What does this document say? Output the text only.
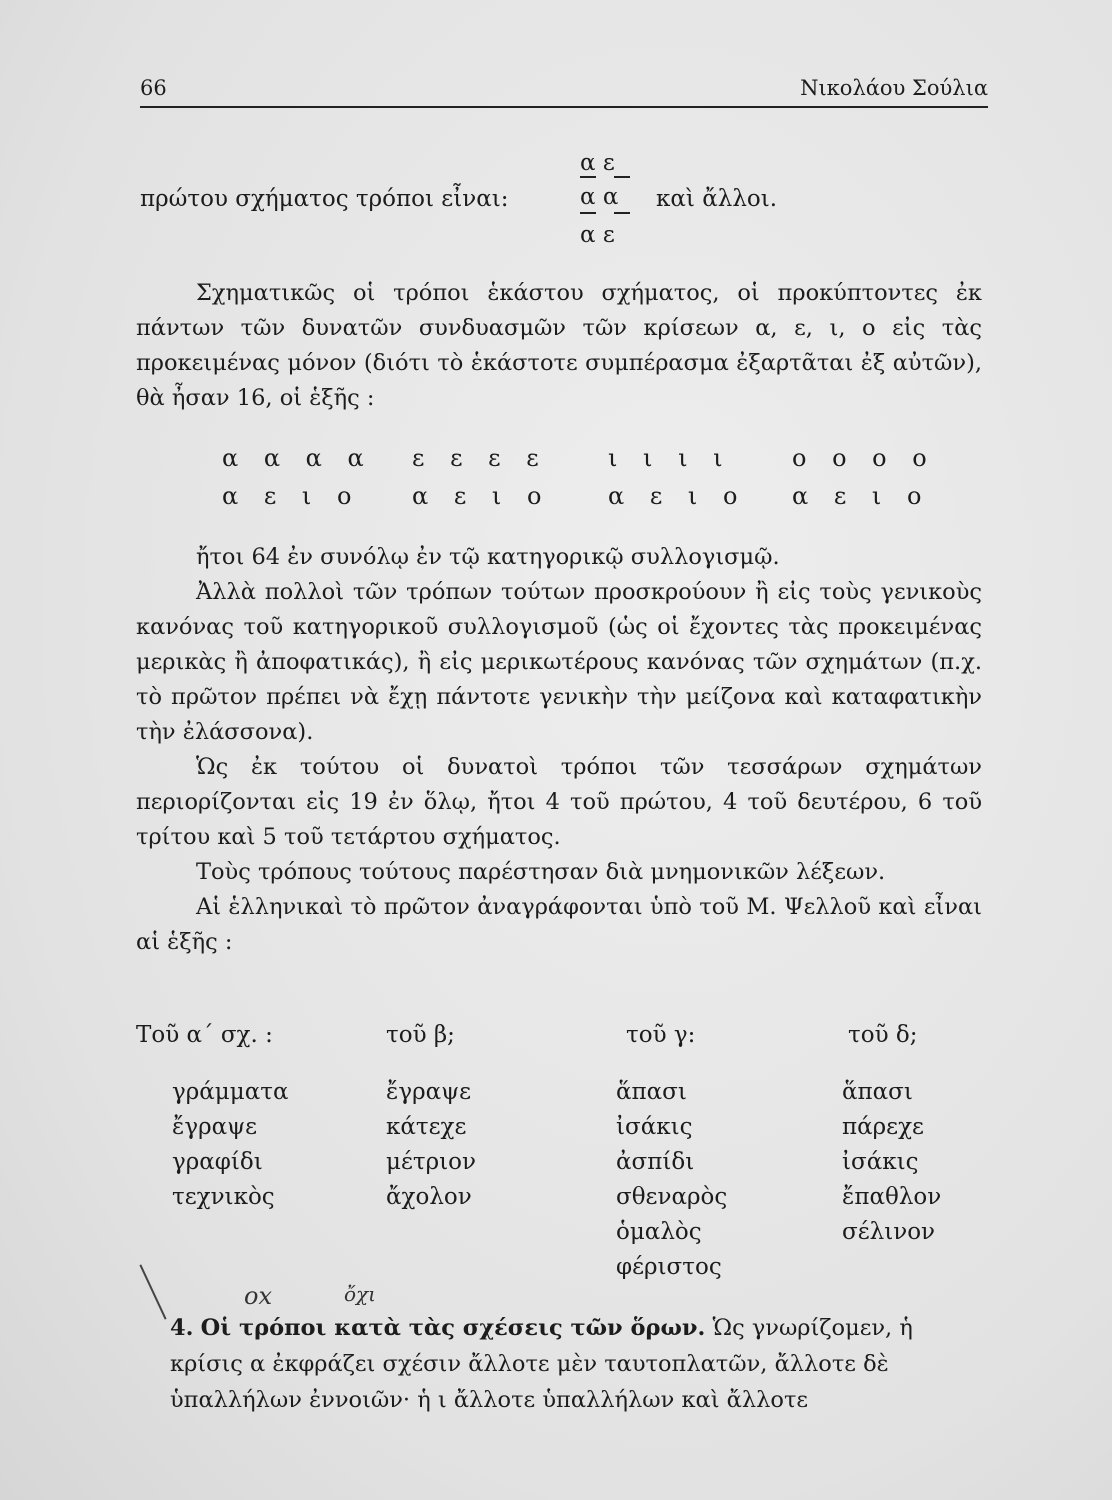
66	Νικολάου Σούλια
πρώτου σχήματος τρόποι εἶναι:
α ε
α α
α ε
καὶ ἄλλοι.

Σχηματικῶς οἱ τρόποι ἑκάστου σχήματος, οἱ προκύπτοντες ἐκ πάντων τῶν δυνατῶν συνδυασμῶν τῶν κρίσεων α, ε, ι, ο εἰς τὰς προκειμένας μόνον (διότι τὸ ἑκάστοτε συμπέρασμα ἐξαρτᾶται ἐξ αὐτῶν), θὰ ἦσαν 16, οἱ ἑξῆς :

α α α α
α ε ι ο
ε ε ε ε
α ε ι ο
ι ι ι ι
α ε ι ο
ο ο ο ο
α ε ι ο

ἤτοι 64 ἐν συνόλῳ ἐν τῷ κατηγορικῷ συλλογισμῷ.

Ἀλλὰ πολλοὶ τῶν τρόπων τούτων προσκρούουν ἢ εἰς τοὺς γενικοὺς κανόνας τοῦ κατηγορικοῦ συλλογισμοῦ (ὡς οἱ ἔχοντες τὰς προκειμένας μερικὰς ἢ ἀποφατικάς), ἢ εἰς μερικωτέρους κανόνας τῶν σχημάτων (π.χ. τὸ πρῶτον πρέπει νὰ ἔχῃ πάντοτε γενικὴν τὴν μείζονα καὶ καταφατικὴν τὴν ἐλάσσονα).

Ὡς ἐκ τούτου οἱ δυνατοὶ τρόποι τῶν τεσσάρων σχημάτων περιορίζονται εἰς 19 ἐν ὅλῳ, ἤτοι 4 τοῦ πρώτου, 4 τοῦ δευτέρου, 6 τοῦ τρίτου καὶ 5 τοῦ τετάρτου σχήματος.

Τοὺς τρόπους τούτους παρέστησαν διὰ μνημονικῶν λέξεων.

Αἱ ἑλληνικαὶ τὸ πρῶτον ἀναγράφονται ὑπὸ τοῦ Μ. Ψελλοῦ καὶ εἶναι αἱ ἑξῆς :

Τοῦ α΄ σχ. :
γράμματα
ἔγραψε
γραφίδι
τεχνικὸς
τοῦ β;
ἔγραψε
κάτεχε
μέτριον
ἄχολον
τοῦ γ:
ἅπασι
ἰσάκις
ἀσπίδι
σθεναρὸς
ὁμαλὸς
φέριστος
τοῦ δ;
ἅπασι
πάρεχε
ἰσάκις
ἔπαθλον
σέλινον
ox	ὄχι
4. Οἱ τρόποι κατὰ τὰς σχέσεις τῶν ὅρων. Ὡς γνωρίζομεν, ἡ κρίσις α ἐκφράζει σχέσιν ἄλλοτε μὲν ταυτοπλατῶν, ἄλλοτε δὲ ὑπαλλήλων ἐννοιῶν· ἡ ι ἄλλοτε ὑπαλλήλων καὶ ἄλλοτε
